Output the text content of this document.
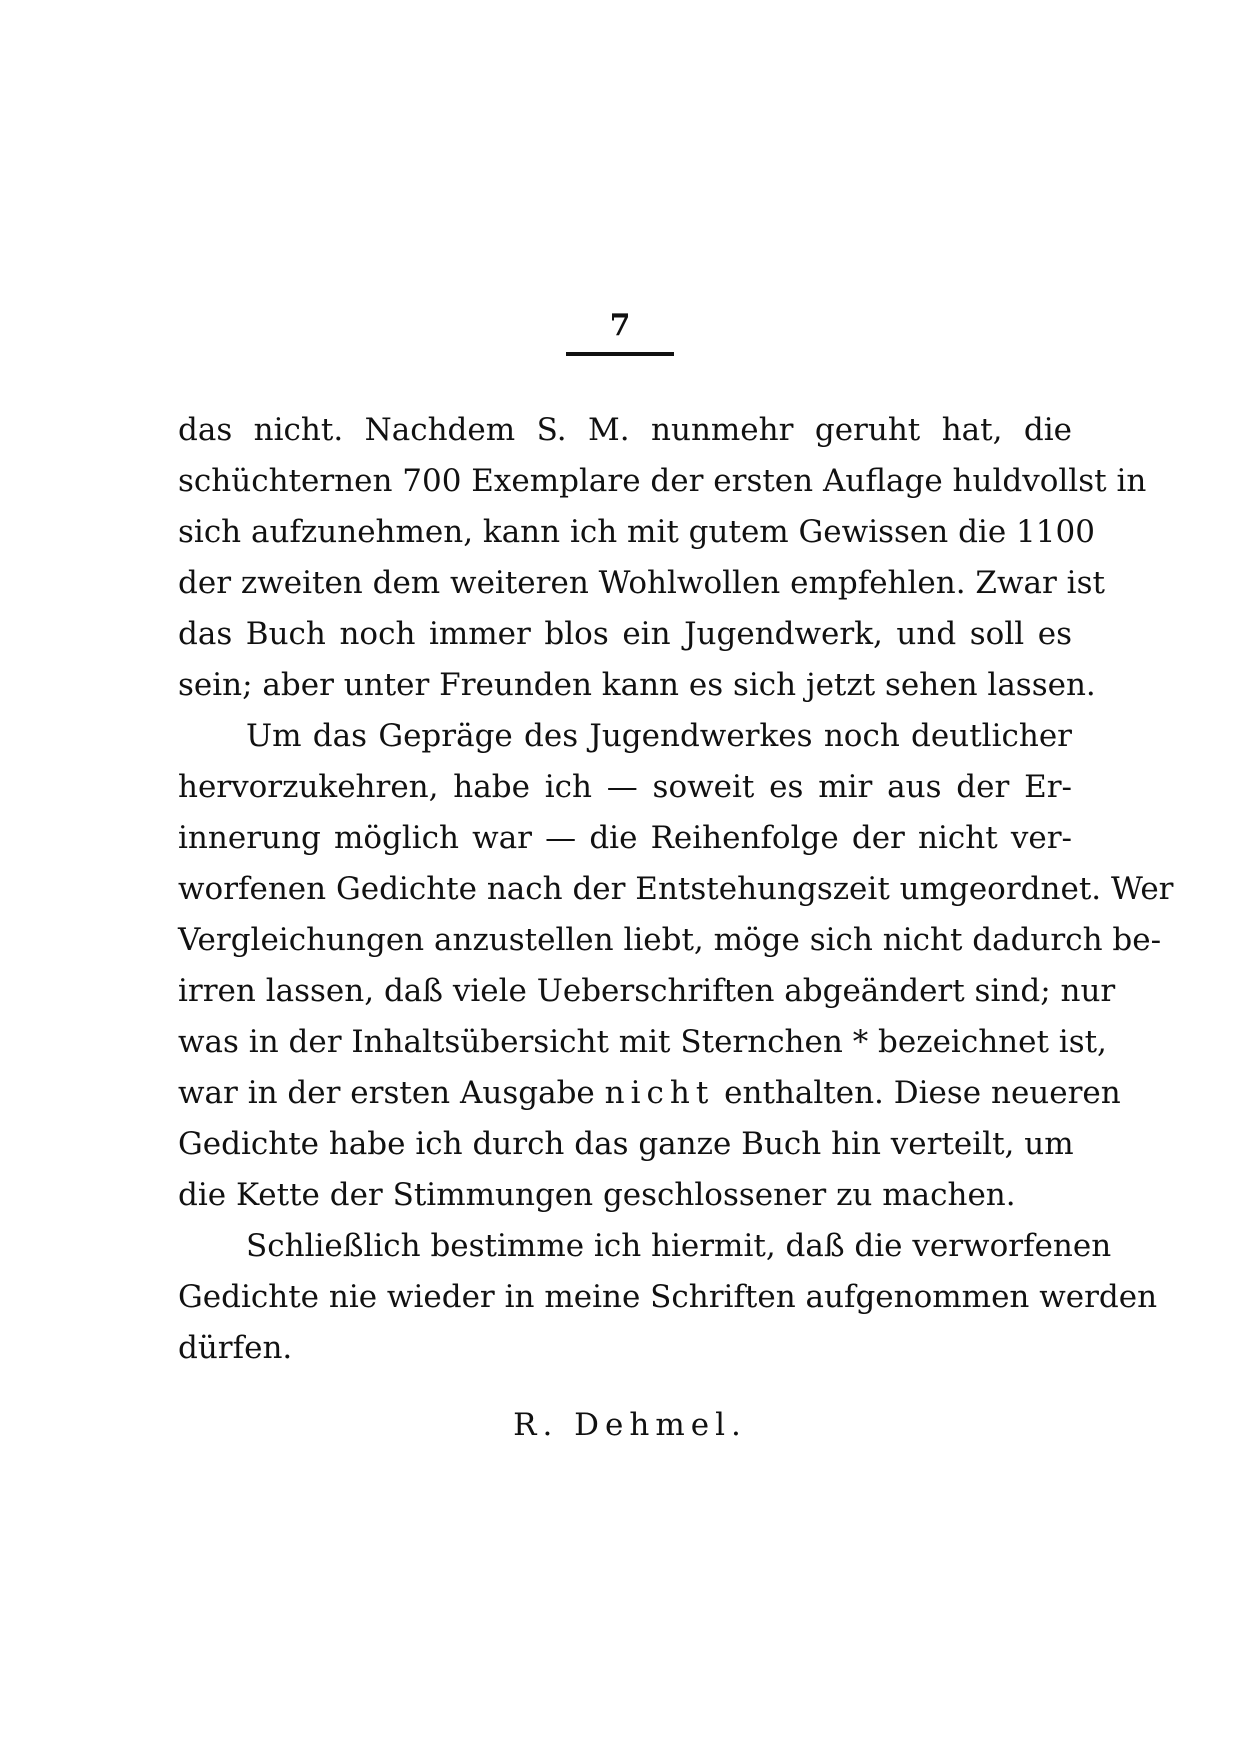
7
das nicht. Nachdem S. M. nunmehr geruht hat, die
schüchternen 700 Exemplare der ersten Auflage huldvollst in
sich aufzunehmen, kann ich mit gutem Gewissen die 1100
der zweiten dem weiteren Wohlwollen empfehlen. Zwar ist
das Buch noch immer blos ein Jugendwerk, und soll es
sein; aber unter Freunden kann es sich jetzt sehen lassen.
Um das Gepräge des Jugendwerkes noch deutlicher
hervorzukehren, habe ich — soweit es mir aus der Er-
innerung möglich war — die Reihenfolge der nicht ver-
worfenen Gedichte nach der Entstehungszeit umgeordnet. Wer
Vergleichungen anzustellen liebt, möge sich nicht dadurch be-
irren lassen, daß viele Ueberschriften abgeändert sind; nur
was in der Inhaltsübersicht mit Sternchen * bezeichnet ist,
war in der ersten Ausgabe nicht enthalten. Diese neueren
Gedichte habe ich durch das ganze Buch hin verteilt, um
die Kette der Stimmungen geschlossener zu machen.
Schließlich bestimme ich hiermit, daß die verworfenen
Gedichte nie wieder in meine Schriften aufgenommen werden
dürfen.
R. Dehmel.
